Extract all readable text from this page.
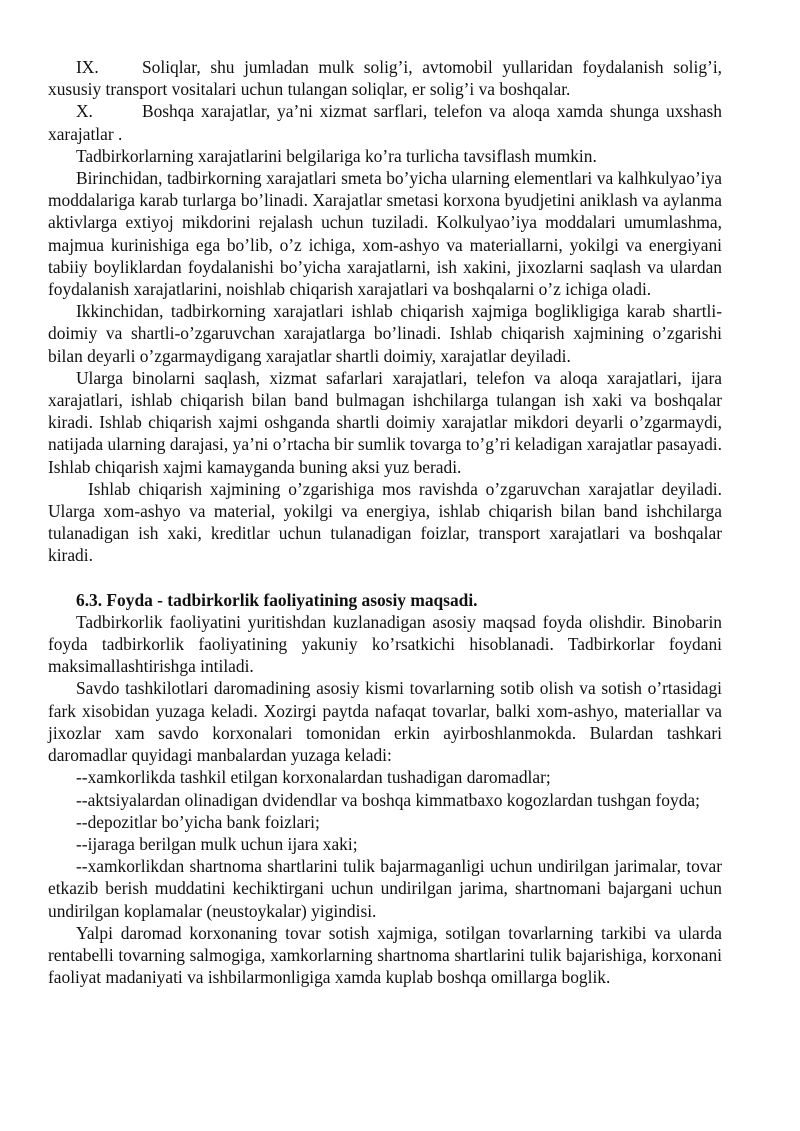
IX. Soliqlar, shu jumladan mulk solig’i, avtomobil yullaridan foydalanish solig’i, xususiy transport vositalari uchun tulangan soliqlar, er solig’i va boshqalar.

X.	Boshqa xarajatlar, ya’ni xizmat sarflari, telefon va aloqa xamda shunga uxshash xarajatlar .

Tadbirkorlarning xarajatlarini belgilariga ko’ra turlicha tavsiflash mumkin.

Birinchidan, tadbirkorning xarajatlari smeta bo’yicha ularning elementlari va kalhkulyao’iya moddalariga karab turlarga bo’linadi. Xarajatlar smetasi korxona byudjetini aniklash va aylanma aktivlarga extiyoj mikdorini rejalash uchun tuziladi. Kolkulyao’iya moddalari umumlashma, majmua kurinishiga ega bo’lib, o’z ichiga, xom-ashyo va materiallarni, yokilgi va energiyani tabiiy boyliklardan foydalanishi bo’yicha xarajatlarni, ish xakini, jixozlarni saqlash va ulardan foydalanish xarajatlarini, noishlab chiqarish xarajatlari va boshqalarni o’z ichiga oladi.

Ikkinchidan, tadbirkorning xarajatlari ishlab chiqarish xajmiga boglikligiga karab shartli-doimiy va shartli-o’zgaruvchan xarajatlarga bo’linadi. Ishlab chiqarish xajmining o’zgarishi bilan deyarli o’zgarmaydigang xarajatlar shartli doimiy, xarajatlar deyiladi.

Ularga binolarni saqlash, xizmat safarlari xarajatlari, telefon va aloqa xarajatlari, ijara xarajatlari, ishlab chiqarish bilan band bulmagan ishchilarga tulangan ish xaki va boshqalar kiradi. Ishlab chiqarish xajmi oshganda shartli doimiy xarajatlar mikdori deyarli o’zgarmaydi, natijada ularning darajasi, ya’ni o’rtacha bir sumlik tovarga to’g’ri keladigan xarajatlar pasayadi. Ishlab chiqarish xajmi kamayganda buning aksi yuz beradi.

Ishlab chiqarish xajmining o’zgarishiga mos ravishda o’zgaruvchan xarajatlar deyiladi. Ularga xom-ashyo va material, yokilgi va energiya, ishlab chiqarish bilan band ishchilarga tulanadigan ish xaki, kreditlar uchun tulanadigan foizlar, transport xarajatlari va boshqalar kiradi.

6.3. Foyda - tadbirkorlik faoliyatining asosiy maqsadi.

Tadbirkorlik faoliyatini yuritishdan kuzlanadigan asosiy maqsad foyda olishdir. Binobarin foyda tadbirkorlik faoliyatining yakuniy ko’rsatkichi hisoblanadi. Tadbirkorlar foydani maksimallashtirishga intiladi.

Savdo tashkilotlari daromadining asosiy kismi tovarlarning sotib olish va sotish o’rtasidagi fark xisobidan yuzaga keladi. Xozirgi paytda nafaqat tovarlar, balki xom-ashyo, materiallar va jixozlar xam savdo korxonalari tomonidan erkin ayirboshlanmokda. Bulardan tashkari daromadlar quyidagi manbalardan yuzaga keladi:

--xamkorlikda tashkil etilgan korxonalardan tushadigan daromadlar;

--aktsiyalardan olinadigan dvidendlar va boshqa kimmatbaxo kogozlardan tushgan foyda;

--depozitlar bo’yicha bank foizlari;

--ijaraga berilgan mulk uchun ijara xaki;

--xamkorlikdan shartnoma shartlarini tulik bajarmaganligi uchun undirilgan jarimalar, tovar etkazib berish muddatini kechiktirgani uchun undirilgan jarima, shartnomani bajargani uchun undirilgan koplamalar (neustoykalar) yigindisi.

Yalpi daromad korxonaning tovar sotish xajmiga, sotilgan tovarlarning tarkibi va ularda rentabelli tovarning salmogiga, xamkorlarning shartnoma shartlarini tulik bajarishiga, korxonani faoliyat madaniyati va ishbilarmonligiga xamda kuplab boshqa omillarga boglik.
